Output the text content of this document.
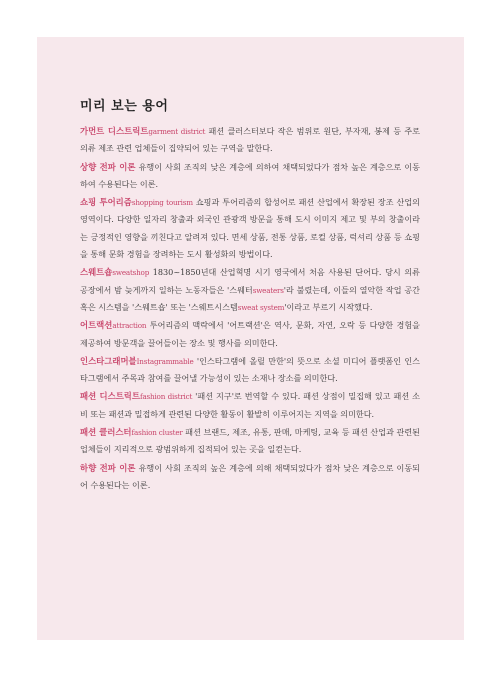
미리 보는 용어

가먼트 디스트릭트garment district 패션 클러스터보다 작은 범위로 원단, 부자재, 봉제 등 주로 의류 제조 관련 업체들이 집약되어 있는 구역을 말한다.

상향 전파 이론 유행이 사회 조직의 낮은 계층에 의하여 채택되었다가 점차 높은 계층으로 이동하여 수용된다는 이론.

쇼핑 투어리즘shopping tourism 쇼핑과 투어리즘의 합성어로 패션 산업에서 확장된 장조 산업의 영역이다. 다양한 일자리 창출과 외국인 관광객 방문을 통해 도시 이미지 제고 및 부의 창출이라는 긍정적인 영향을 끼친다고 알려져 있다. 면세 상품, 전통 상품, 로컬 상품, 럭셔리 상품 등 쇼핑을 통해 문화 경험을 장려하는 도시 활성화의 방법이다.

스웨트숍sweatshop 1830~1850년대 산업혁명 시기 영국에서 처음 사용된 단어다. 당시 의류 공장에서 밤 늦게까지 일하는 노동자들은 '스웨터sweaters'라 불렸는데, 이들의 열악한 작업 공간 혹은 시스템을 '스웨트숍' 또는 '스웨트시스템sweat system'이라고 부르기 시작했다.

어트랙션attraction 투어리즘의 맥락에서 '어트랙션'은 역사, 문화, 자연, 오락 등 다양한 경험을 제공하여 방문객을 끌어들이는 장소 및 행사를 의미한다.

인스타그래머블Instagrammable '인스타그램에 올릴 만한'의 뜻으로 소셜 미디어 플랫폼인 인스타그램에서 주목과 참여를 끌어낼 가능성이 있는 소재나 장소를 의미한다.

패션 디스트릭트fashion district '패션 지구'로 번역할 수 있다. 패션 상점이 밀집해 있고 패션 소비 또는 패션과 밀접하게 관련된 다양한 활동이 활발히 이루어지는 지역을 의미한다.

패션 클러스터fashion cluster 패션 브랜드, 제조, 유통, 판매, 마케팅, 교육 등 패션 산업과 관련된 업체들이 지리적으로 광범위하게 집적되어 있는 곳을 일컫는다.

하향 전파 이론 유행이 사회 조직의 높은 계층에 의해 채택되었다가 점차 낮은 계층으로 이동되어 수용된다는 이론.
